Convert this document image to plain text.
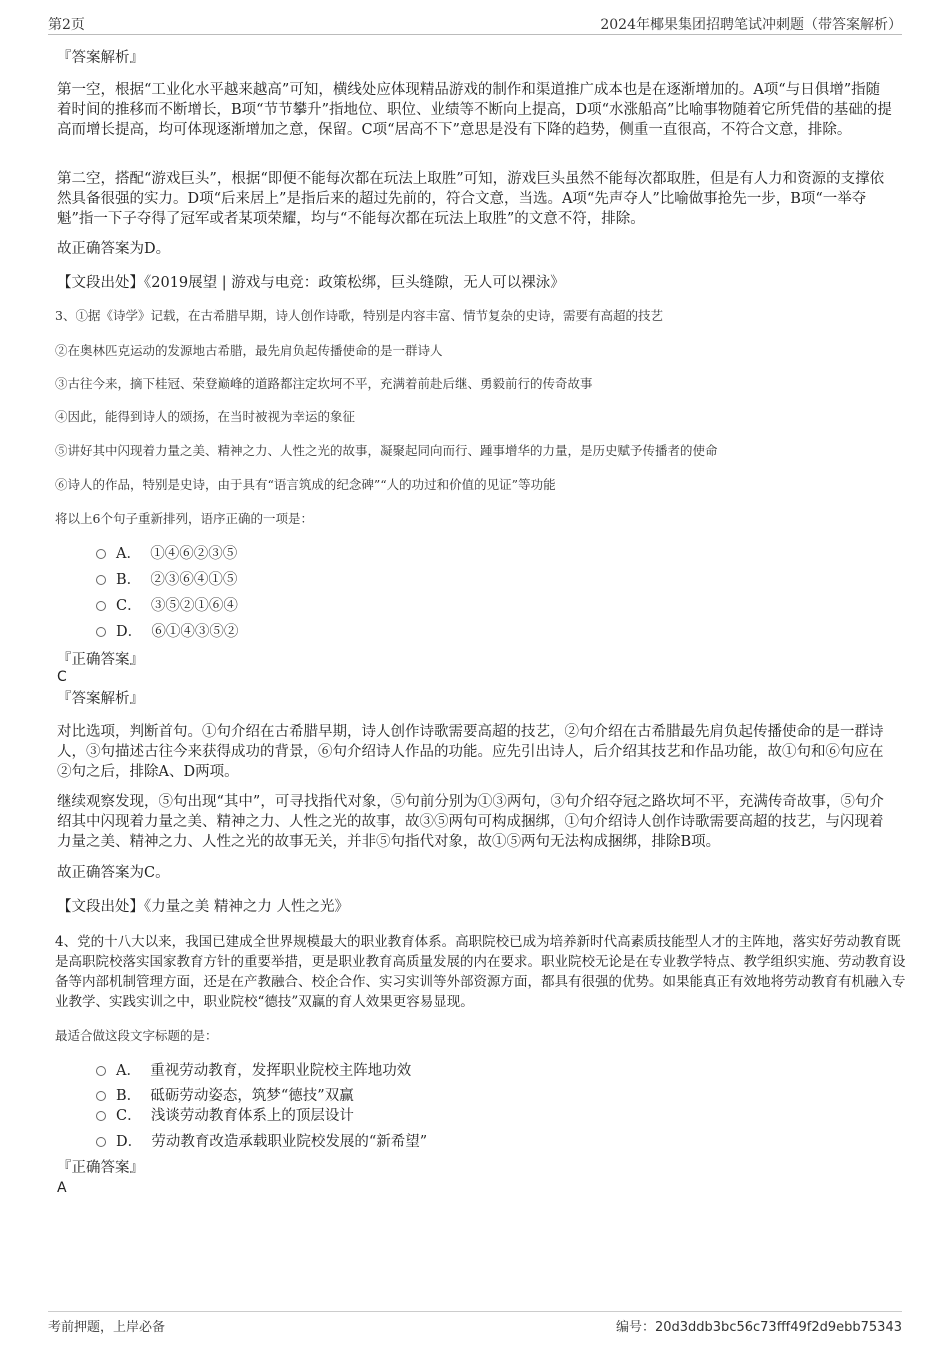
第2页	2024年椰果集团招聘笔试冲刺题（带答案解析）
『答案解析』

第一空，根据“工业化水平越来越高”可知，横线处应体现精品游戏的制作和渠道推广成本也是在逐渐增加的。A项“与日俱增”指随着时间的推移而不断增长，B项“节节攀升”指地位、职位、业绩等不断向上提高，D项“水涨船高”比喻事物随着它所凭借的基础的提高而增长提高，均可体现逐渐增加之意，保留。C项“居高不下”意思是没有下降的趋势，侧重一直很高，不符合文意，排除。

第二空，搭配“游戏巨头”，根据“即便不能每次都在玩法上取胜”可知，游戏巨头虽然不能每次都取胜，但是有人力和资源的支撑依然具备很强的实力。D项“后来居上”是指后来的超过先前的，符合文意，当选。A项“先声夺人”比喻做事抢先一步，B项“一举夺魁”指一下子夺得了冠军或者某项荣耀，均与“不能每次都在玩法上取胜”的文意不符，排除。

故正确答案为D。
【文段出处】《2019展望 | 游戏与电竞：政策松绑，巨头缝隙，无人可以裸泳》
3、①据《诗学》记载，在古希腊早期，诗人创作诗歌，特别是内容丰富、情节复杂的史诗，需要有高超的技艺
②在奥林匹克运动的发源地古希腊，最先肩负起传播使命的是一群诗人
③古往今来，摘下桂冠、荣登巅峰的道路都注定坎坷不平，充满着前赴后继、勇毅前行的传奇故事
④因此，能得到诗人的颂扬，在当时被视为幸运的象征
⑤讲好其中闪现着力量之美、精神之力、人性之光的故事，凝聚起同向而行、踵事增华的力量，是历史赋予传播者的使命
⑥诗人的作品，特别是史诗，由于具有“语言筑成的纪念碑”“人的功过和价值的见证”等功能
将以上6个句子重新排列，语序正确的一项是：
A． ①④⑥②③⑤
B． ②③⑥④①⑤
C． ③⑤②①⑥④
D． ⑥①④③⑤②
『正确答案』
C
『答案解析』

对比选项，判断首句。①句介绍在古希腊早期，诗人创作诗歌需要高超的技艺，②句介绍在古希腊最先肩负起传播使命的是一群诗人，③句描述古往今来获得成功的背景，⑥句介绍诗人作品的功能。应先引出诗人，后介绍其技艺和作品功能，故①句和⑥句应在②句之后，排除A、D两项。

继续观察发现，⑤句出现“其中”，可寻找指代对象，⑤句前分别为①③两句，③句介绍夺冠之路坎坷不平，充满传奇故事，⑤句介绍其中闪现着力量之美、精神之力、人性之光的故事，故③⑤两句可构成捆绑，①句介绍诗人创作诗歌需要高超的技艺，与闪现着力量之美、精神之力、人性之光的故事无关，并非⑤句指代对象，故①⑤两句无法构成捆绑，排除B项。

故正确答案为C。
【文段出处】《力量之美 精神之力 人性之光》

4、党的十八大以来，我国已建成全世界规模最大的职业教育体系。高职院校已成为培养新时代高素质技能型人才的主阵地，落实好劳动教育既是高职院校落实国家教育方针的重要举措，更是职业教育高质量发展的内在要求。职业院校无论是在专业教学特点、教学组织实施、劳动教育设备等内部机制管理方面，还是在产教融合、校企合作、实习实训等外部资源方面，都具有很强的优势。如果能真正有效地将劳动教育有机融入专业教学、实践实训之中，职业院校“德技”双赢的育人效果更容易显现。

最适合做这段文字标题的是：
A． 重视劳动教育，发挥职业院校主阵地功效
B． 砥砺劳动姿态，筑梦“德技”双赢
C． 浅谈劳动教育体系上的顶层设计
D． 劳动教育改造承载职业院校发展的“新希望”
『正确答案』
A
考前押题，上岸必备	编号：20d3ddb3bc56c73fff49f2d9ebb75343
